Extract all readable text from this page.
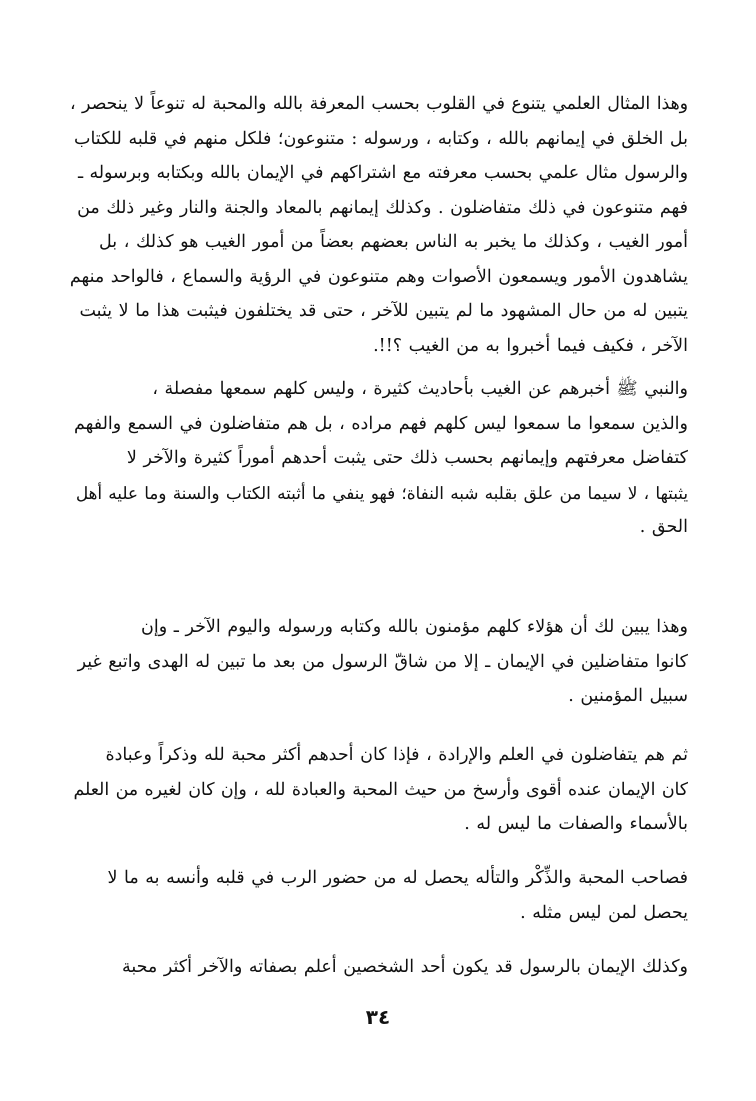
وهذا المثال العلمي يتنوع في القلوب بحسب المعرفة بالله والمحبة له تنوعاً لا ينحصر ،
بل الخلق في إيمانهم بالله ، وكتابه ، ورسوله : متنوعون؛ فلكل منهم في قلبه للكتاب
والرسول مثال علمي بحسب معرفته مع اشتراكهم في الإيمان بالله وبكتابه وبرسوله ـ
فهم متنوعون في ذلك متفاضلون . وكذلك إيمانهم بالمعاد والجنة والنار وغير ذلك من
أمور الغيب ، وكذلك ما يخبر به الناس بعضهم بعضاً من أمور الغيب هو كذلك ، بل
يشاهدون الأمور ويسمعون الأصوات وهم متنوعون في الرؤية والسماع ، فالواحد منهم
يتبين له من حال المشهود ما لم يتبين للآخر ، حتى قد يختلفون فيثبت هذا ما لا يثبت
الآخر ، فكيف فيما أخبروا به من الغيب ؟!!.
والنبي ﷺ أخبرهم عن الغيب بأحاديث كثيرة ، وليس كلهم سمعها مفصلة ،
والذين سمعوا ما سمعوا ليس كلهم فهم مراده ، بل هم متفاضلون في السمع والفهم
كتفاضل معرفتهم وإيمانهم بحسب ذلك حتى يثبت أحدهم أموراً كثيرة والآخر لا
يثبتها ، لا سيما من علق بقلبه شبه النفاة؛ فهو ينفي ما أثبته الكتاب والسنة وما عليه أهل
الحق .
وهذا يبين لك أن هؤلاء كلهم مؤمنون بالله وكتابه ورسوله واليوم الآخر ـ وإن
كانوا متفاضلين في الإيمان ـ إلا من شاقّ الرسول من بعد ما تبين له الهدى واتبع غير
سبيل المؤمنين .
ثم هم يتفاضلون في العلم والإرادة ، فإذا كان أحدهم أكثر محبة لله وذكراً وعبادة
كان الإيمان عنده أقوى وأرسخ من حيث المحبة والعبادة لله ، وإن كان لغيره من العلم
بالأسماء والصفات ما ليس له .
فصاحب المحبة والذِّكْر والتأله يحصل له من حضور الرب في قلبه وأنسه به ما لا
يحصل لمن ليس مثله .
وكذلك الإيمان بالرسول قد يكون أحد الشخصين أعلم بصفاته والآخر أكثر محبة
٣٤
